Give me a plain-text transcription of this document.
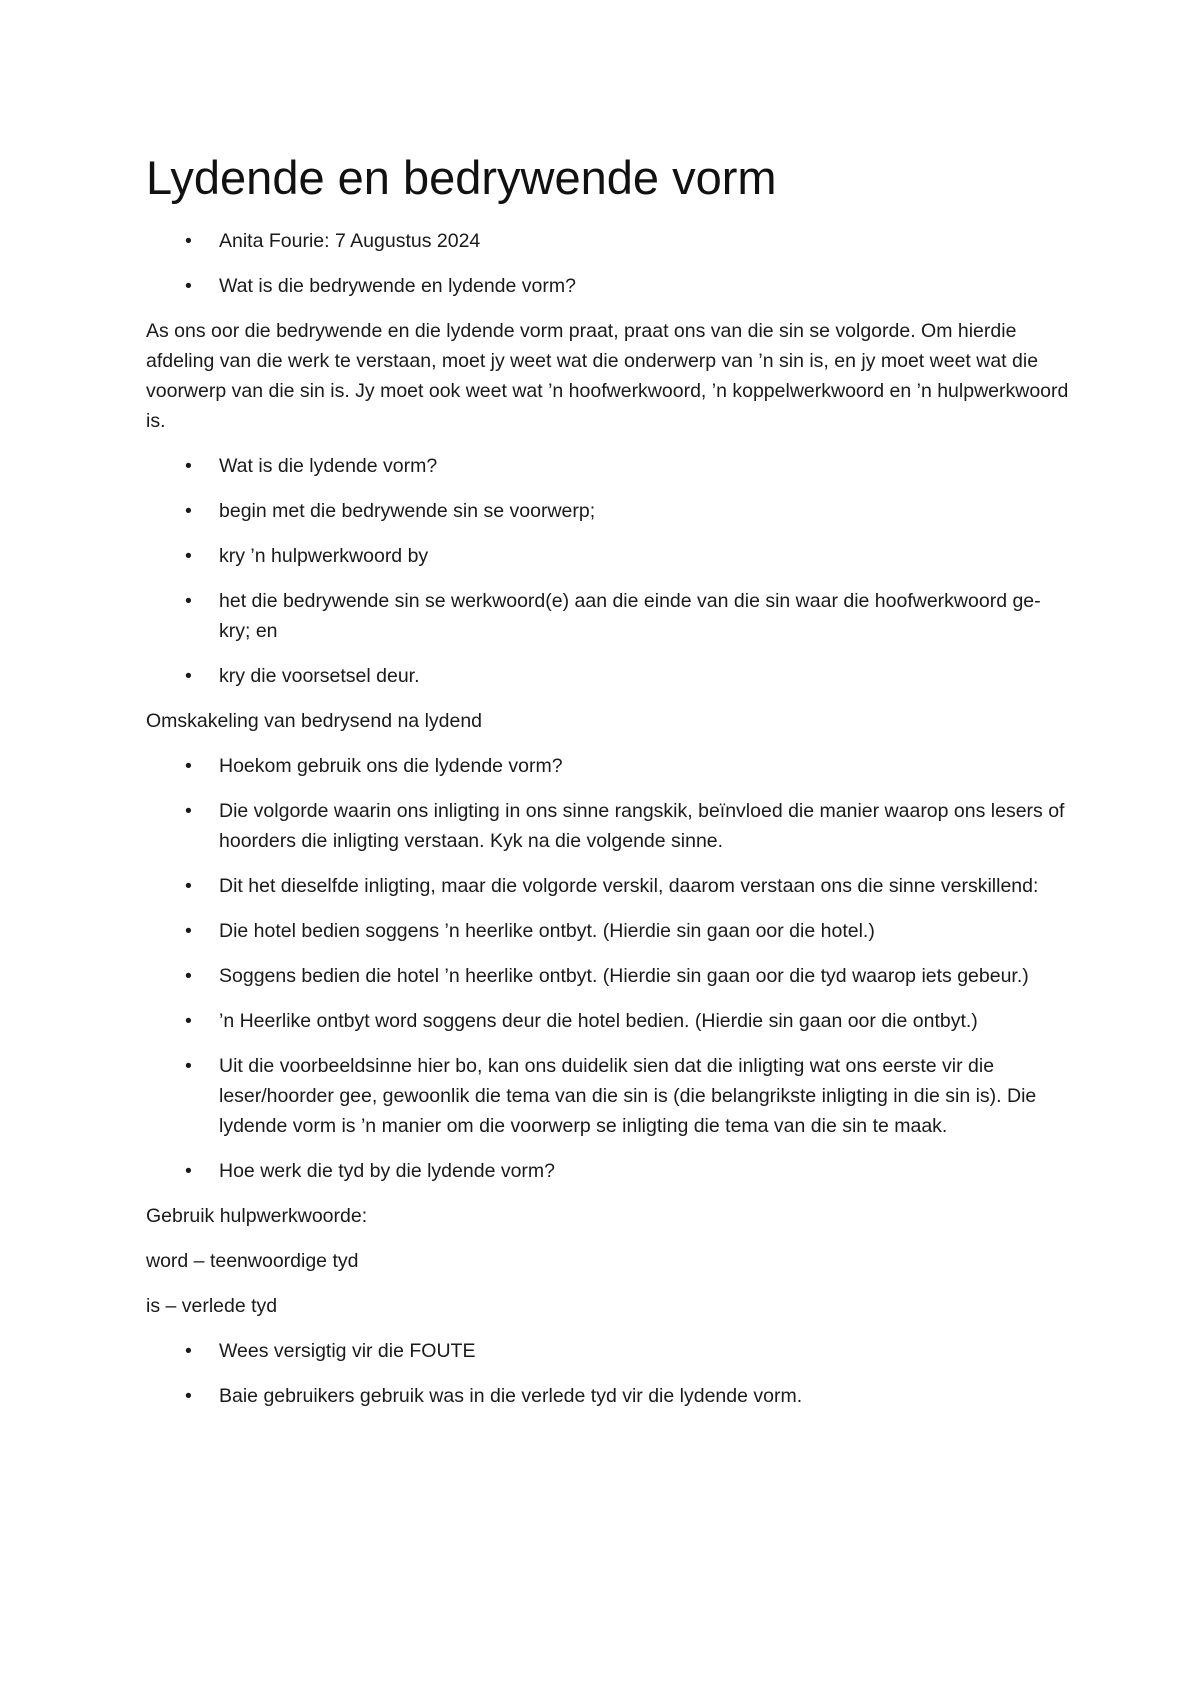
Lydende en bedrywende vorm
• Anita Fourie: 7 Augustus 2024
• Wat is die bedrywende en lydende vorm?

As ons oor die bedrywende en die lydende vorm praat, praat ons van die sin se volgorde. Om hierdie afdeling van die werk te verstaan, moet jy weet wat die onderwerp van ’n sin is, en jy moet weet wat die voorwerp van die sin is. Jy moet ook weet wat ’n hoofwerkwoord, ’n koppelwerkwoord en ’n hulpwerkwoord is.

• Wat is die lydende vorm?
• begin met die bedrywende sin se voorwerp;
• kry ’n hulpwerkwoord by
• het die bedrywende sin se werkwoord(e) aan die einde van die sin waar die hoofwerkwoord ge- kry; en
• kry die voorsetsel deur.

Omskakeling van bedrysend na lydend

• Hoekom gebruik ons die lydende vorm?
• Die volgorde waarin ons inligting in ons sinne rangskik, beïnvloed die manier waarop ons lesers of hoorders die inligting verstaan. Kyk na die volgende sinne.
• Dit het dieselfde inligting, maar die volgorde verskil, daarom verstaan ons die sinne verskillend:
• Die hotel bedien soggens ’n heerlike ontbyt. (Hierdie sin gaan oor die hotel.)
• Soggens bedien die hotel ’n heerlike ontbyt. (Hierdie sin gaan oor die tyd waarop iets gebeur.)
• ’n Heerlike ontbyt word soggens deur die hotel bedien. (Hierdie sin gaan oor die ontbyt.)
• Uit die voorbeeldsinne hier bo, kan ons duidelik sien dat die inligting wat ons eerste vir die leser/hoorder gee, gewoonlik die tema van die sin is (die belangrikste inligting in die sin is). Die lydende vorm is ’n manier om die voorwerp se inligting die tema van die sin te maak.
• Hoe werk die tyd by die lydende vorm?

Gebruik hulpwerkwoorde:

word – teenwoordige tyd

is – verlede tyd

• Wees versigtig vir die FOUTE
• Baie gebruikers gebruik was in die verlede tyd vir die lydende vorm.
